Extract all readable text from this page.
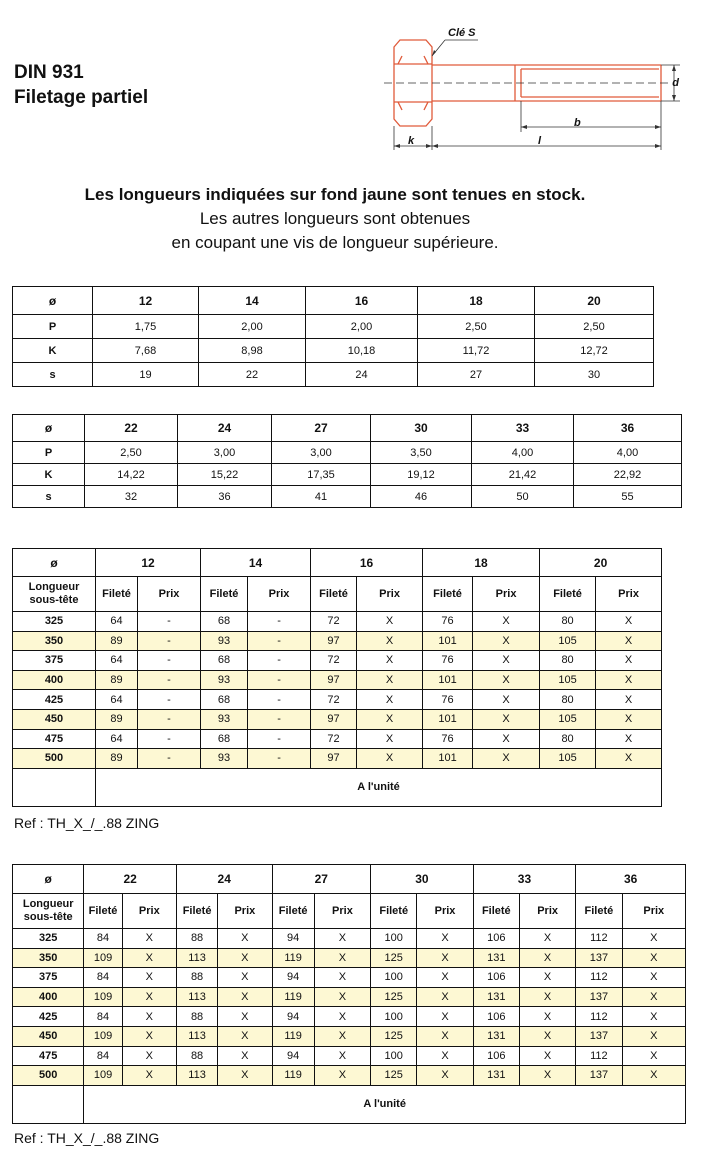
DIN 931
Filetage partiel
Clé S
d
b
k	l
Les longueurs indiquées sur fond jaune sont tenues en stock.
Les autres longueurs sont obtenues
en coupant une vis de longueur supérieure.
ø	12	14	16	18	20
P	1,75	2,00	2,00	2,50	2,50
K	7,68	8,98	10,18	11,72	12,72
s	19	22	24	27	30
ø	22	24	27	30	33	36
P	2,50	3,00	3,00	3,50	4,00	4,00
K	14,22	15,22	17,35	19,12	21,42	22,92
s	32	36	41	46	50	55
ø	12		14		16		18		20	
Longueur sous-tête	Fileté	Prix	Fileté	Prix	Fileté	Prix	Fileté	Prix	Fileté	Prix
325	64	-	68	-	72	X	76	X	80	X
350	89	-	93	-	97	X	101	X	105	X
375	64	-	68	-	72	X	76	X	80	X
400	89	-	93	-	97	X	101	X	105	X
425	64	-	68	-	72	X	76	X	80	X
450	89	-	93	-	97	X	101	X	105	X
475	64	-	68	-	72	X	76	X	80	X
500	89	-	93	-	97	X	101	X	105	X
	A l'unité									
Ref : TH_X_/_.88 ZING
ø	22		24		27		30		33		36	
Longueur sous-tête	Fileté	Prix	Fileté	Prix	Fileté	Prix	Fileté	Prix	Fileté	Prix	Fileté	Prix
325	84	X	88	X	94	X	100	X	106	X	112	X
350	109	X	113	X	119	X	125	X	131	X	137	X
375	84	X	88	X	94	X	100	X	106	X	112	X
400	109	X	113	X	119	X	125	X	131	X	137	X
425	84	X	88	X	94	X	100	X	106	X	112	X
450	109	X	113	X	119	X	125	X	131	X	137	X
475	84	X	88	X	94	X	100	X	106	X	112	X
500	109	X	113	X	119	X	125	X	131	X	137	X
	A l'unité											
Ref : TH_X_/_.88 ZING
